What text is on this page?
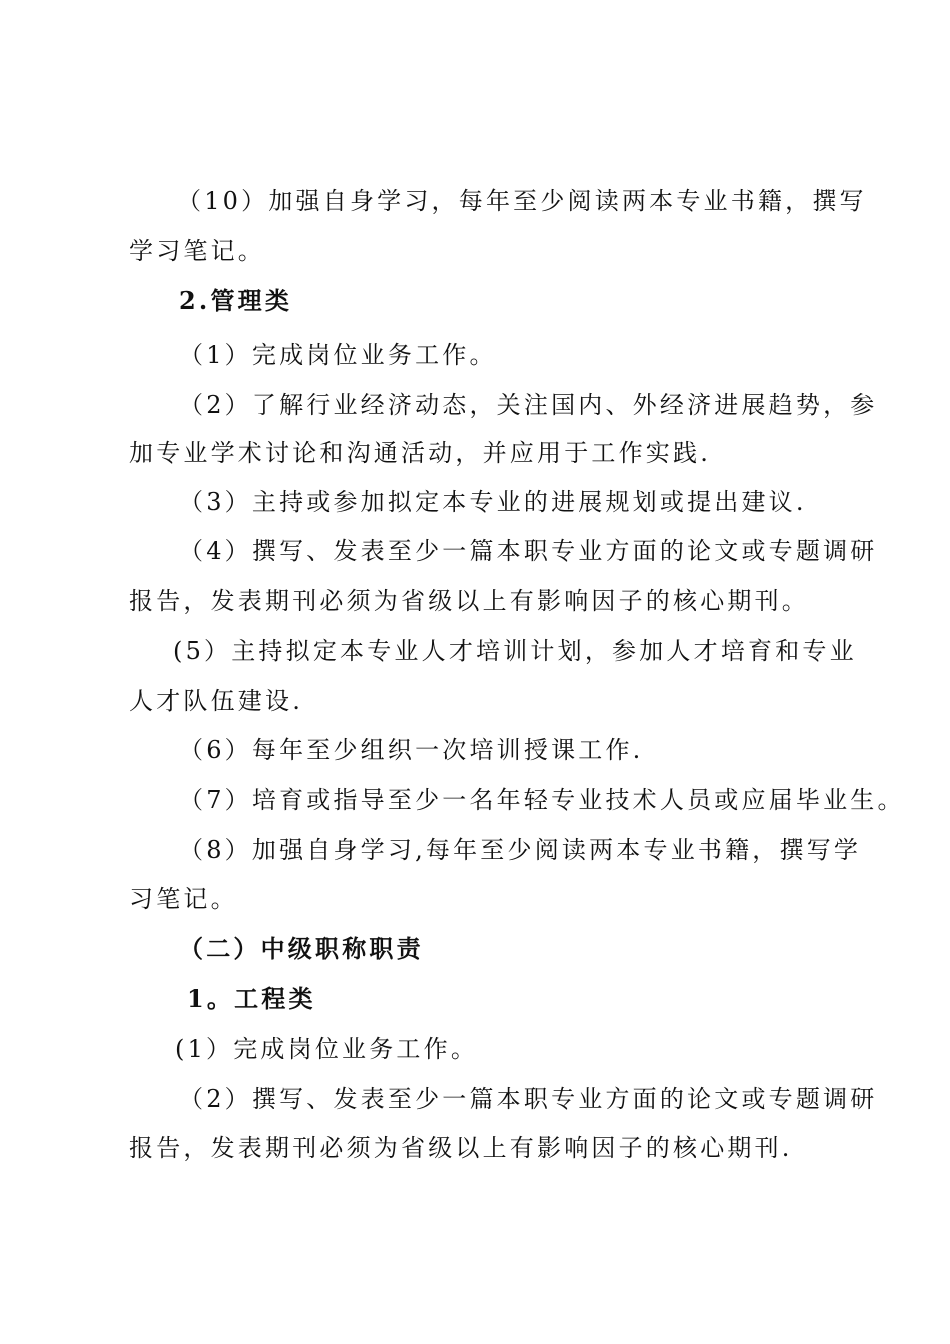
（10）加强自身学习，每年至少阅读两本专业书籍，撰写
学习笔记。
2.管理类
（1）完成岗位业务工作。
（2）了解行业经济动态，关注国内、外经济进展趋势，参
加专业学术讨论和沟通活动，并应用于工作实践.
（3）主持或参加拟定本专业的进展规划或提出建议.
（4）撰写、发表至少一篇本职专业方面的论文或专题调研
报告，发表期刊必须为省级以上有影响因子的核心期刊。
(5）主持拟定本专业人才培训计划，参加人才培育和专业
人才队伍建设.
（6）每年至少组织一次培训授课工作.
（7）培育或指导至少一名年轻专业技术人员或应届毕业生。
（8）加强自身学习,每年至少阅读两本专业书籍，撰写学
习笔记。
（二）中级职称职责
1。工程类
(1）完成岗位业务工作。
（2）撰写、发表至少一篇本职专业方面的论文或专题调研
报告，发表期刊必须为省级以上有影响因子的核心期刊.
